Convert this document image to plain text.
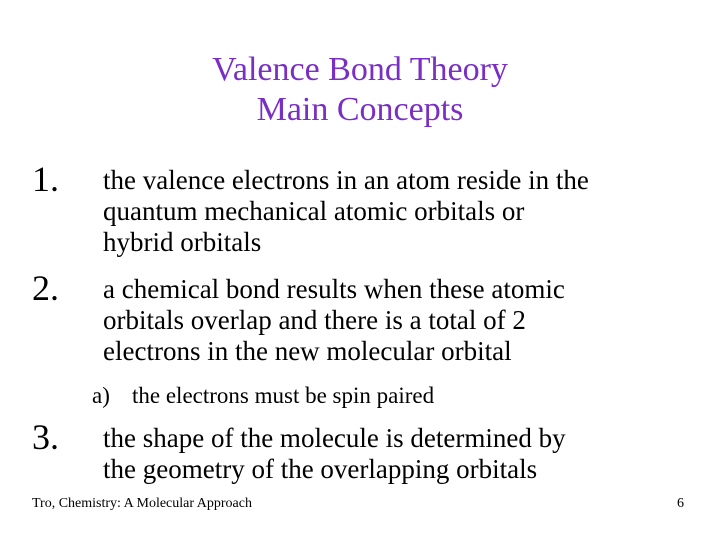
Valence Bond Theory
Main Concepts
1. the valence electrons in an atom reside in the
quantum mechanical atomic orbitals or
hybrid orbitals
2. a chemical bond results when these atomic
orbitals overlap and there is a total of 2
electrons in the new molecular orbital
a) the electrons must be spin paired
3. the shape of the molecule is determined by
the geometry of the overlapping orbitals
Tro, Chemistry: A Molecular Approach	6
